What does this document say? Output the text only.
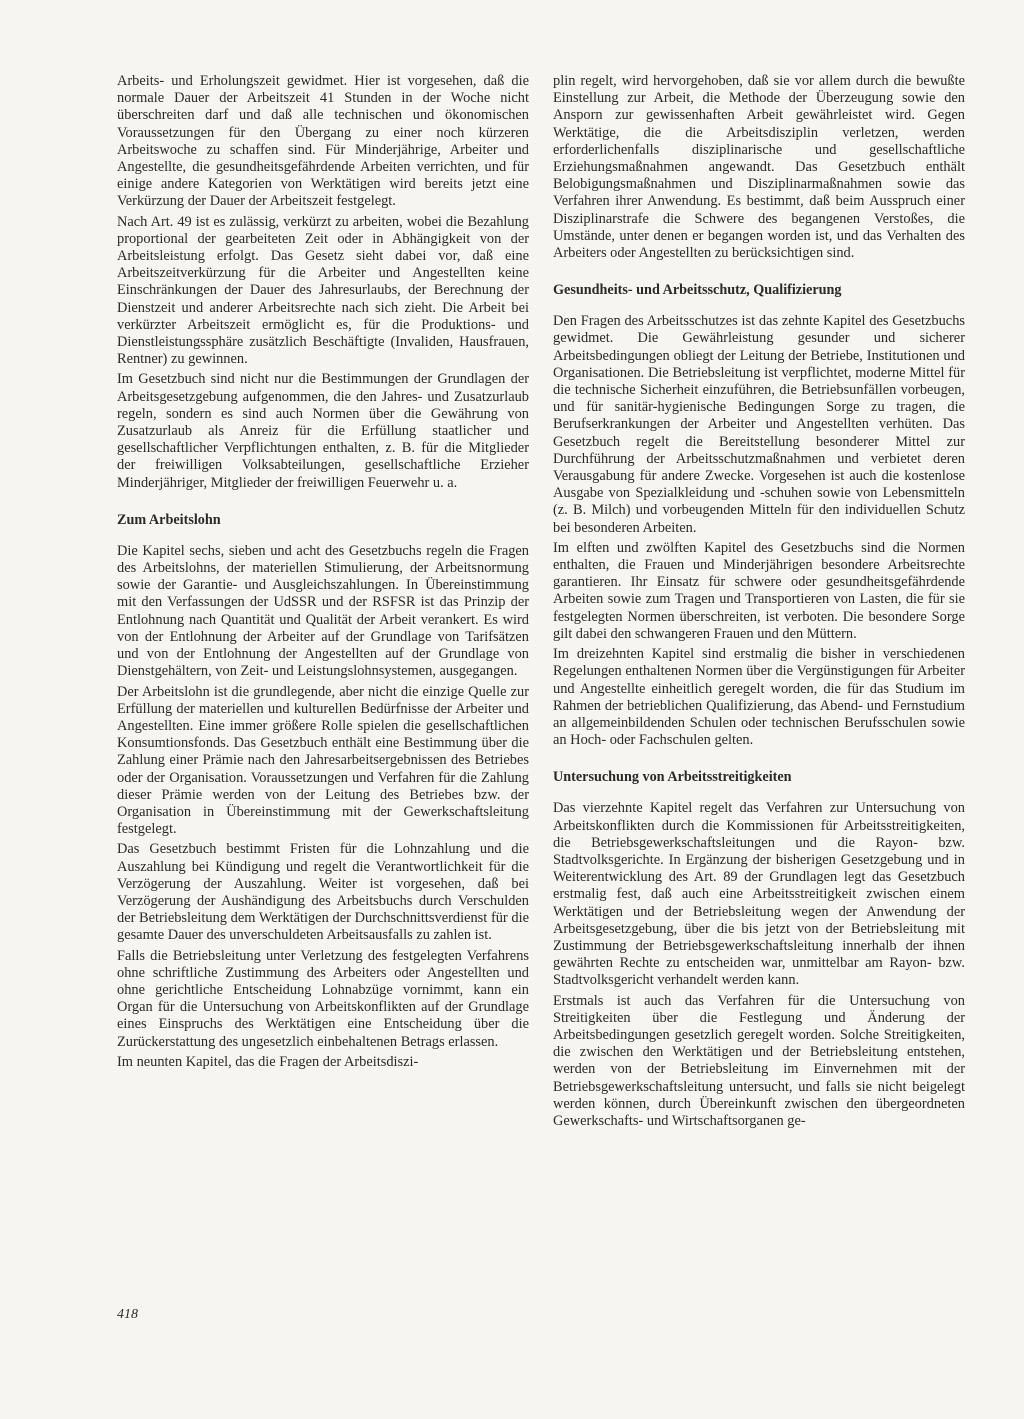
Arbeits- und Erholungszeit gewidmet. Hier ist vorgesehen, daß die normale Dauer der Arbeitszeit 41 Stunden in der Woche nicht überschreiten darf und daß alle technischen und ökonomischen Voraussetzungen für den Übergang zu einer noch kürzeren Arbeitswoche zu schaffen sind. Für Minderjährige, Arbeiter und Angestellte, die gesundheitsgefährdende Arbeiten verrichten, und für einige andere Kategorien von Werktätigen wird bereits jetzt eine Verkürzung der Dauer der Arbeitszeit festgelegt.

Nach Art. 49 ist es zulässig, verkürzt zu arbeiten, wobei die Bezahlung proportional der gearbeiteten Zeit oder in Abhängigkeit von der Arbeitsleistung erfolgt. Das Gesetz sieht dabei vor, daß eine Arbeitszeitverkürzung für die Arbeiter und Angestellten keine Einschränkungen der Dauer des Jahresurlaubs, der Berechnung der Dienstzeit und anderer Arbeitsrechte nach sich zieht. Die Arbeit bei verkürzter Arbeitszeit ermöglicht es, für die Produktions- und Dienstleistungssphäre zusätzlich Beschäftigte (Invaliden, Hausfrauen, Rentner) zu gewinnen.

Im Gesetzbuch sind nicht nur die Bestimmungen der Grundlagen der Arbeitsgesetzgebung aufgenommen, die den Jahres- und Zusatzurlaub regeln, sondern es sind auch Normen über die Gewährung von Zusatzurlaub als Anreiz für die Erfüllung staatlicher und gesellschaftlicher Verpflichtungen enthalten, z. B. für die Mitglieder der freiwilligen Volksabteilungen, gesellschaftliche Erzieher Minderjähriger, Mitglieder der freiwilligen Feuerwehr u. a.

Zum Arbeitslohn

Die Kapitel sechs, sieben und acht des Gesetzbuchs regeln die Fragen des Arbeitslohns, der materiellen Stimulierung, der Arbeitsnormung sowie der Garantie- und Ausgleichszahlungen. In Übereinstimmung mit den Verfassungen der UdSSR und der RSFSR ist das Prinzip der Entlohnung nach Quantität und Qualität der Arbeit verankert. Es wird von der Entlohnung der Arbeiter auf der Grundlage von Tarifsätzen und von der Entlohnung der Angestellten auf der Grundlage von Dienstgehältern, von Zeit- und Leistungslohnsystemen, ausgegangen.

Der Arbeitslohn ist die grundlegende, aber nicht die einzige Quelle zur Erfüllung der materiellen und kulturellen Bedürfnisse der Arbeiter und Angestellten. Eine immer größere Rolle spielen die gesellschaftlichen Konsumtionsfonds. Das Gesetzbuch enthält eine Bestimmung über die Zahlung einer Prämie nach den Jahresarbeitsergebnissen des Betriebes oder der Organisation. Voraussetzungen und Verfahren für die Zahlung dieser Prämie werden von der Leitung des Betriebes bzw. der Organisation in Übereinstimmung mit der Gewerkschaftsleitung festgelegt.

Das Gesetzbuch bestimmt Fristen für die Lohnzahlung und die Auszahlung bei Kündigung und regelt die Verantwortlichkeit für die Verzögerung der Auszahlung. Weiter ist vorgesehen, daß bei Verzögerung der Aushändigung des Arbeitsbuchs durch Verschulden der Betriebsleitung dem Werktätigen der Durchschnittsverdienst für die gesamte Dauer des unverschuldeten Arbeitsausfalls zu zahlen ist.

Falls die Betriebsleitung unter Verletzung des festgelegten Verfahrens ohne schriftliche Zustimmung des Arbeiters oder Angestellten und ohne gerichtliche Entscheidung Lohnabzüge vornimmt, kann ein Organ für die Untersuchung von Arbeitskonflikten auf der Grundlage eines Einspruchs des Werktätigen eine Entscheidung über die Zurückerstattung des ungesetzlich einbehaltenen Betrags erlassen.

Im neunten Kapitel, das die Fragen der Arbeitsdiszi-

plin regelt, wird hervorgehoben, daß sie vor allem durch die bewußte Einstellung zur Arbeit, die Methode der Überzeugung sowie den Ansporn zur gewissenhaften Arbeit gewährleistet wird. Gegen Werktätige, die die Arbeitsdisziplin verletzen, werden erforderlichenfalls disziplinarische und gesellschaftliche Erziehungsmaßnahmen angewandt. Das Gesetzbuch enthält Belobigungsmaßnahmen und Disziplinarmaßnahmen sowie das Verfahren ihrer Anwendung. Es bestimmt, daß beim Ausspruch einer Disziplinarstrafe die Schwere des begangenen Verstoßes, die Umstände, unter denen er begangen worden ist, und das Verhalten des Arbeiters oder Angestellten zu berücksichtigen sind.

Gesundheits- und Arbeitsschutz, Qualifizierung

Den Fragen des Arbeitsschutzes ist das zehnte Kapitel des Gesetzbuchs gewidmet. Die Gewährleistung gesunder und sicherer Arbeitsbedingungen obliegt der Leitung der Betriebe, Institutionen und Organisationen. Die Betriebsleitung ist verpflichtet, moderne Mittel für die technische Sicherheit einzuführen, die Betriebsunfällen vorbeugen, und für sanitär-hygienische Bedingungen Sorge zu tragen, die Berufserkrankungen der Arbeiter und Angestellten verhüten. Das Gesetzbuch regelt die Bereitstellung besonderer Mittel zur Durchführung der Arbeitsschutzmaßnahmen und verbietet deren Verausgabung für andere Zwecke. Vorgesehen ist auch die kostenlose Ausgabe von Spezialkleidung und -schuhen sowie von Lebensmitteln (z. B. Milch) und vorbeugenden Mitteln für den individuellen Schutz bei besonderen Arbeiten.

Im elften und zwölften Kapitel des Gesetzbuchs sind die Normen enthalten, die Frauen und Minderjährigen besondere Arbeitsrechte garantieren. Ihr Einsatz für schwere oder gesundheitsgefährdende Arbeiten sowie zum Tragen und Transportieren von Lasten, die für sie festgelegten Normen überschreiten, ist verboten. Die besondere Sorge gilt dabei den schwangeren Frauen und den Müttern.

Im dreizehnten Kapitel sind erstmalig die bisher in verschiedenen Regelungen enthaltenen Normen über die Vergünstigungen für Arbeiter und Angestellte einheitlich geregelt worden, die für das Studium im Rahmen der betrieblichen Qualifizierung, das Abend- und Fernstudium an allgemeinbildenden Schulen oder technischen Berufsschulen sowie an Hoch- oder Fachschulen gelten.

Untersuchung von Arbeitsstreitigkeiten

Das vierzehnte Kapitel regelt das Verfahren zur Untersuchung von Arbeitskonflikten durch die Kommissionen für Arbeitsstreitigkeiten, die Betriebsgewerkschaftsleitungen und die Rayon- bzw. Stadtvolksgerichte. In Ergänzung der bisherigen Gesetzgebung und in Weiterentwicklung des Art. 89 der Grundlagen legt das Gesetzbuch erstmalig fest, daß auch eine Arbeitsstreitigkeit zwischen einem Werktätigen und der Betriebsleitung wegen der Anwendung der Arbeitsgesetzgebung, über die bis jetzt von der Betriebsleitung mit Zustimmung der Betriebsgewerkschaftsleitung innerhalb der ihnen gewährten Rechte zu entscheiden war, unmittelbar am Rayon- bzw. Stadtvolksgericht verhandelt werden kann.

Erstmals ist auch das Verfahren für die Untersuchung von Streitigkeiten über die Festlegung und Änderung der Arbeitsbedingungen gesetzlich geregelt worden. Solche Streitigkeiten, die zwischen den Werktätigen und der Betriebsleitung entstehen, werden von der Betriebsleitung im Einvernehmen mit der Betriebsgewerkschaftsleitung untersucht, und falls sie nicht beigelegt werden können, durch Übereinkunft zwischen den übergeordneten Gewerkschafts- und Wirtschaftsorganen ge-

418
